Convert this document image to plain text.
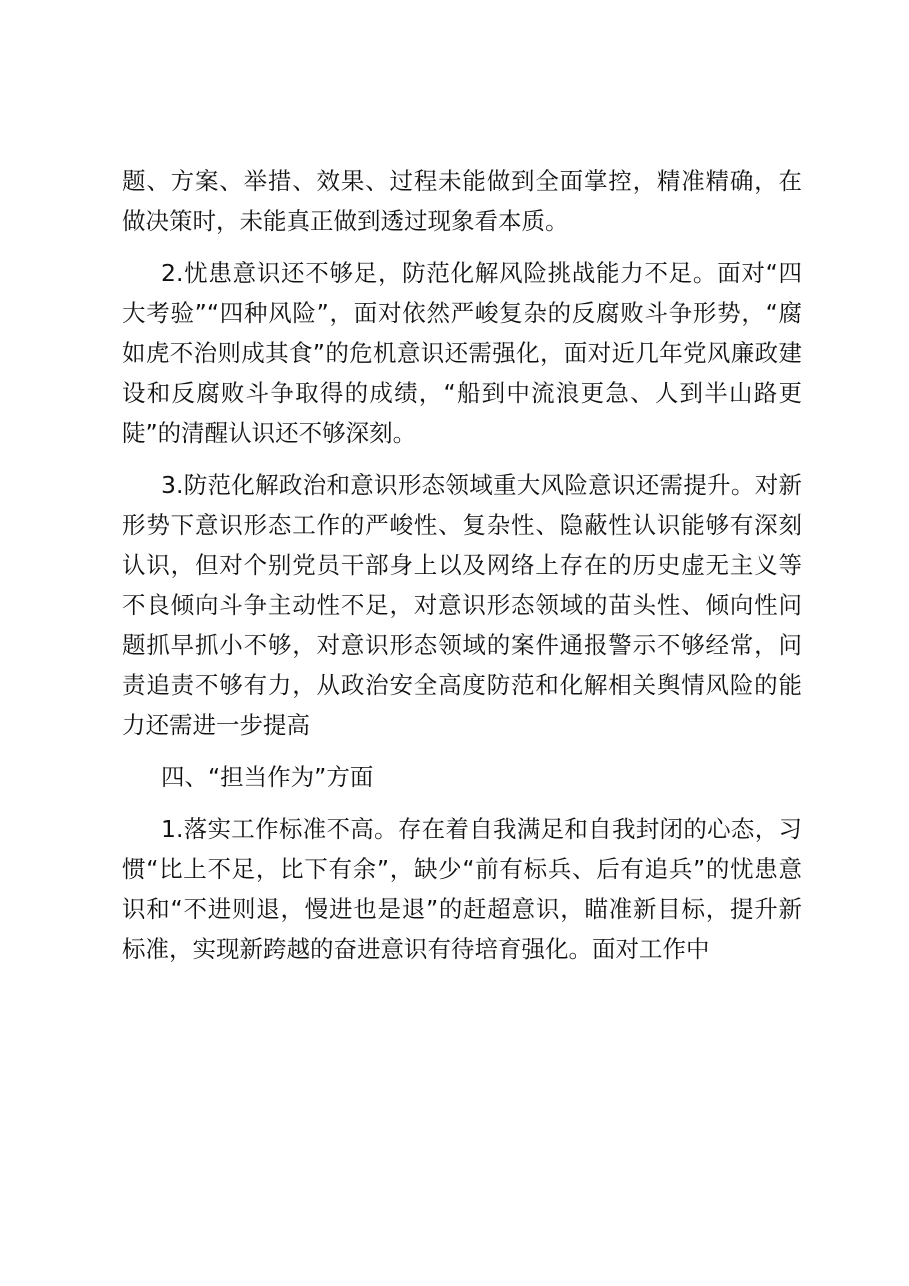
题、方案、举措、效果、过程未能做到全面掌控，精准精确，在做决策时，未能真正做到透过现象看本质。

2.忧患意识还不够足，防范化解风险挑战能力不足。面对“四大考验”“四种风险”，面对依然严峻复杂的反腐败斗争形势，“腐如虎不治则成其食”的危机意识还需强化，面对近几年党风廉政建设和反腐败斗争取得的成绩，“船到中流浪更急、人到半山路更陡”的清醒认识还不够深刻。

3.防范化解政治和意识形态领域重大风险意识还需提升。对新形势下意识形态工作的严峻性、复杂性、隐蔽性认识能够有深刻认识，但对个别党员干部身上以及网络上存在的历史虚无主义等不良倾向斗争主动性不足，对意识形态领域的苗头性、倾向性问题抓早抓小不够，对意识形态领域的案件通报警示不够经常，问责追责不够有力，从政治安全高度防范和化解相关舆情风险的能力还需进一步提高

四、“担当作为”方面

1.落实工作标准不高。存在着自我满足和自我封闭的心态，习惯“比上不足，比下有余”，缺少“前有标兵、后有追兵”的忧患意识和“不进则退，慢进也是退”的赶超意识，瞄准新目标，提升新标准，实现新跨越的奋进意识有待培育强化。面对工作中
